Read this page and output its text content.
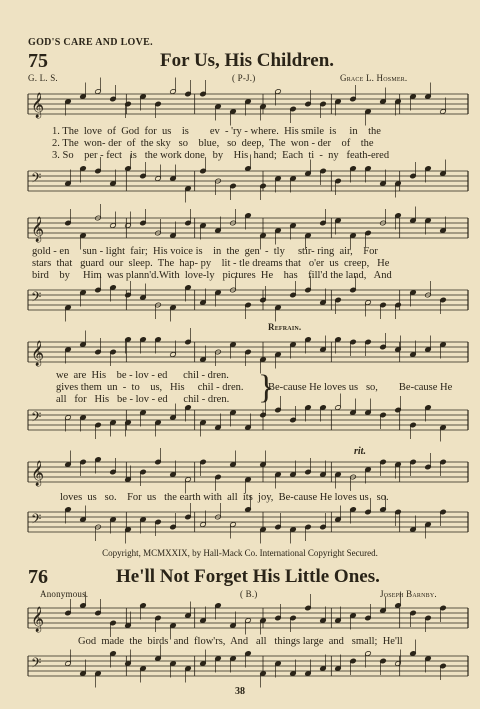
GOD'S CARE AND LOVE.
75	For Us, His Children.
G. L. S.	( P-J.)	Grace L. Hosmer.
𝄞
1. The  love  of  God  for  us    is        ev  - 'ry - where.  His smile  is     in    the
2. The  won- der  of  the sky   so    blue,   so  deep,  The  won - der    of    the
3. So    per - fect   is   the work done   by    His  hand;  Each  ti  -  ny   feath-ered
𝄢
𝄞
gold - en     sun - light  fair;  His voice is    in  the  gen  -  tly     stir- ring  air,    For
stars  that   guard  our  sleep.  The  hap- py    lit - tle dreams that   o'er  us  creep,   He
bird    by     Him  was plann'd.With  love-ly   pictures  He    has    fill'd the land,   And
𝄢
Refrain.
𝄞
we  are  His    be - lov - ed      chil - dren.
gives them  un  -  to    us,   His     chil - dren.
all   for   His   be - lov - ed      chil - dren. }
Be-cause He loves us   so,        Be-cause He
𝄢
rit.
𝄞
loves  us   so.    For  us   the earth with  all  its  joy,  Be-cause He loves us   so.
𝄢
Copyright, MCMXXIX, by Hall-Mack Co. International Copyright Secured.
76	He'll Not Forget His Little Ones.
Anonymous.	( B.)	Joseph Barnby.
𝄞
God  made  the  birds  and  flow'rs,  And   all   things large  and   small;  He'll
𝄢
38
